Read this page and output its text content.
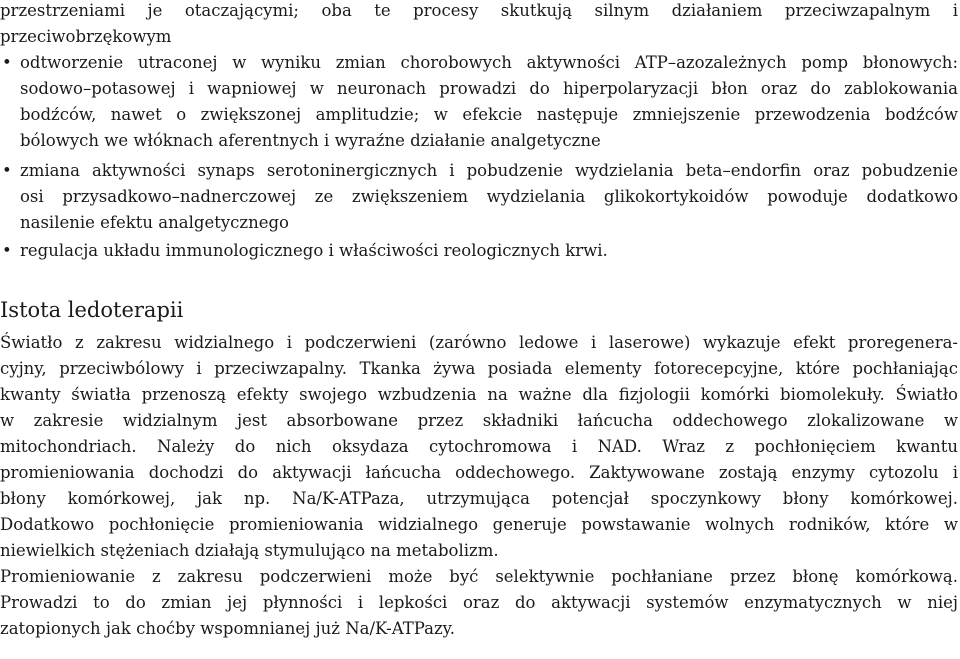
przestrzeniami je otaczającymi; oba te procesy skutkują silnym działaniem przeciwzapalnym i

przeciwobrzękowym

• odtworzenie utraconej w wyniku zmian chorobowych aktywności ATP–azozależnych pomp błonowych:

sodowo–potasowej i wapniowej w neuronach prowadzi do hiperpolaryzacji błon oraz do zablokowania

bodźców, nawet o zwiększonej amplitudzie; w efekcie następuje zmniejszenie przewodzenia bodźców

bólowych we włóknach aferentnych i wyraźne działanie analgetyczne

• zmiana aktywności synaps serotoninergicznych i pobudzenie wydzielania beta–endorfin oraz pobudzenie

osi przysadkowo–nadnerczowej ze zwiększeniem wydzielania glikokortykoidów powoduje dodatkowo

nasilenie efektu analgetycznego

• regulacja układu immunologicznego i właściwości reologicznych krwi.

Istota ledoterapii

Światło z zakresu widzialnego i podczerwieni (zarówno ledowe i laserowe) wykazuje efekt proregenera-

cyjny, przeciwbólowy i przeciwzapalny. Tkanka żywa posiada elementy fotorecepcyjne, które pochłaniając

kwanty światła przenoszą efekty swojego wzbudzenia na ważne dla fizjologii komórki biomolekuły. Światło

w zakresie widzialnym jest absorbowane przez składniki łańcucha oddechowego zlokalizowane w

mitochondriach. Należy do nich oksydaza cytochromowa i NAD. Wraz z pochłonięciem kwantu

promieniowania dochodzi do aktywacji łańcucha oddechowego. Zaktywowane zostają enzymy cytozolu i

błony komórkowej, jak np. Na/K-ATPaza, utrzymująca potencjał spoczynkowy błony komórkowej.

Dodatkowo pochłonięcie promieniowania widzialnego generuje powstawanie wolnych rodników, które w

niewielkich stężeniach działają stymulująco na metabolizm.

Promieniowanie z zakresu podczerwieni może być selektywnie pochłaniane przez błonę komórkową.

Prowadzi to do zmian jej płynności i lepkości oraz do aktywacji systemów enzymatycznych w niej

zatopionych jak choćby wspomnianej już Na/K-ATPazy.
